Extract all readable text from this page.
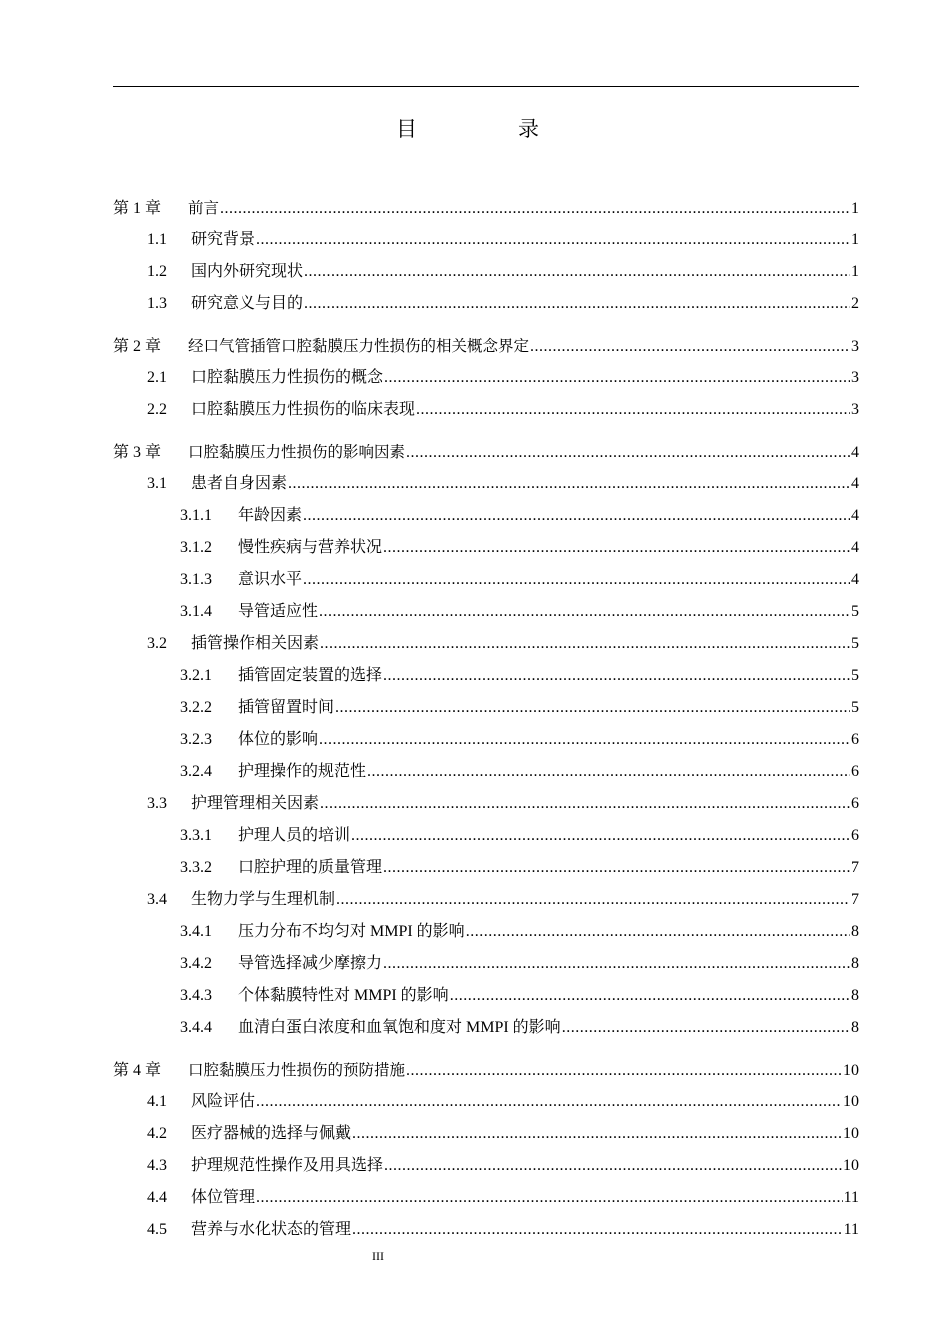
目　录
第 1 章	前言 .....	1
1.1	研究背景 .....	1
1.2	国内外研究现状 .....	1
1.3	研究意义与目的 .....	2
第 2 章	经口气管插管口腔黏膜压力性损伤的相关概念界定 .....	3
2.1	口腔黏膜压力性损伤的概念 .....	3
2.2	口腔黏膜压力性损伤的临床表现 .....	3
第 3 章	口腔黏膜压力性损伤的影响因素 .....	4
3.1	患者自身因素 .....	4
3.1.1	年龄因素 .....	4
3.1.2	慢性疾病与营养状况 .....	4
3.1.3	意识水平 .....	4
3.1.4	导管适应性 .....	5
3.2	插管操作相关因素 .....	5
3.2.1	插管固定装置的选择 .....	5
3.2.2	插管留置时间 .....	5
3.2.3	体位的影响 .....	6
3.2.4	护理操作的规范性 .....	6
3.3	护理管理相关因素 .....	6
3.3.1	护理人员的培训 .....	6
3.3.2	口腔护理的质量管理 .....	7
3.4	生物力学与生理机制 .....	7
3.4.1	压力分布不均匀对 MMPI 的影响 .....	8
3.4.2	导管选择减少摩擦力 .....	8
3.4.3	个体黏膜特性对 MMPI 的影响 .....	8
3.4.4	血清白蛋白浓度和血氧饱和度对 MMPI 的影响 .....	8
第 4 章	口腔黏膜压力性损伤的预防措施 .....	10
4.1	风险评估 .....	10
4.2	医疗器械的选择与佩戴 .....	10
4.3	护理规范性操作及用具选择 .....	10
4.4	体位管理 .....	11
4.5	营养与水化状态的管理 .....	11
III
